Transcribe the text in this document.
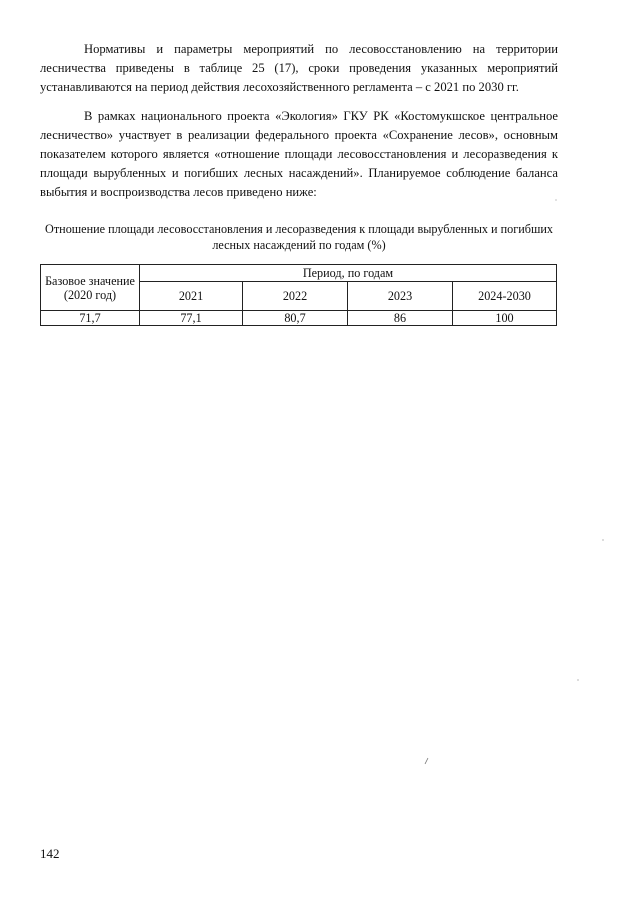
Нормативы и параметры мероприятий по лесовосстановлению на территории лесничества приведены в таблице 25 (17), сроки проведения указанных мероприятий устанавливаются на период действия лесохозяйственного регламента – с 2021 по 2030 гг.

В рамках национального проекта «Экология» ГКУ РК «Костомукшское центральное лесничество» участвует в реализации федерального проекта «Сохранение лесов», основным показателем которого является «отношение площади лесовосстановления и лесоразведения к площади вырубленных и погибших лесных насаждений». Планируемое соблюдение баланса выбытия и воспроизводства лесов приведено ниже:

Отношение площади лесовосстановления и лесоразведения к площади вырубленных и погибших лесных насаждений по годам (%)

Базовое значение (2020 год)	Период, по годам			
	2021	2022	2023	2024-2030
71,7	77,1	80,7	86	100
142
